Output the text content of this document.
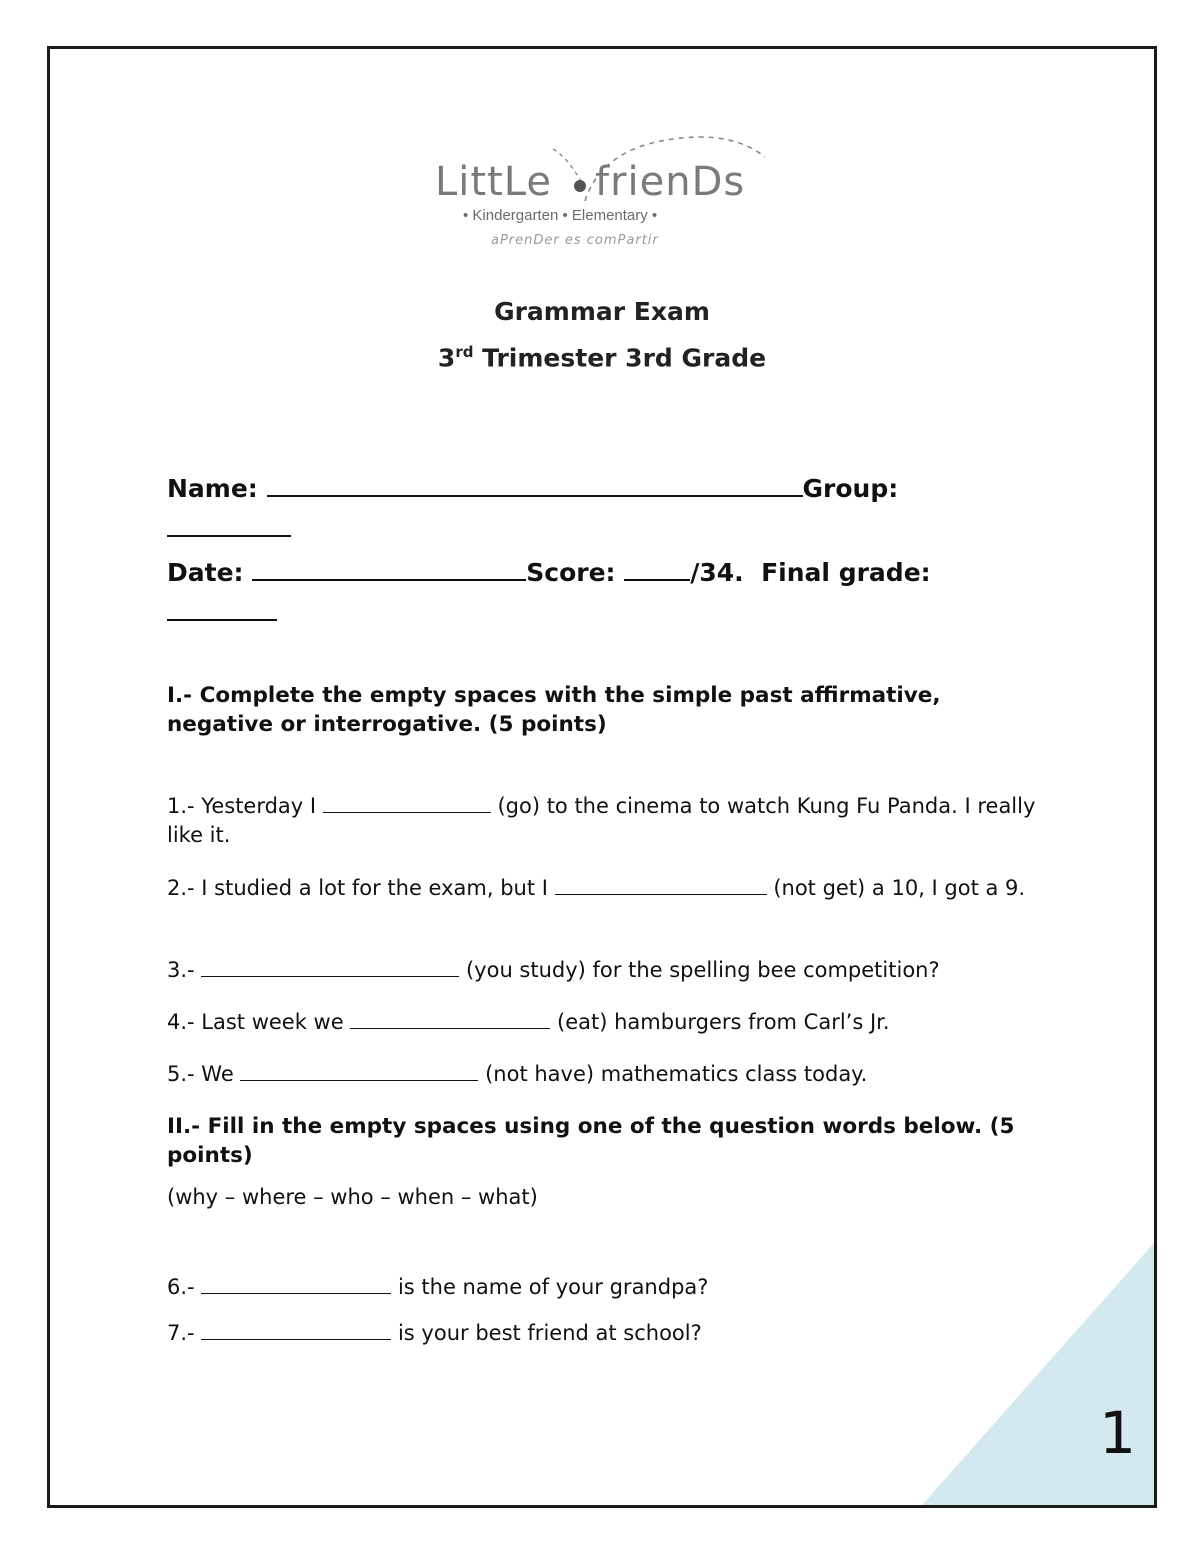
LittLe frienDs
• Kindergarten • Elementary •
aPrenDer es comPartir
Grammar Exam
3rd Trimester 3rd Grade
Name:	Group:
Date:	Score:	/34. Final grade:
I.- Complete the empty spaces with the simple past affirmative, negative or interrogative. (5 points)
1.- Yesterday I	(go) to the cinema to watch Kung Fu Panda. I really like it.
2.- I studied a lot for the exam, but I	(not get) a 10, I got a 9.
3.-	(you study) for the spelling bee competition?
4.- Last week we	(eat) hamburgers from Carl’s Jr.
5.- We	(not have) mathematics class today.
II.- Fill in the empty spaces using one of the question words below. (5 points)
(why – where – who – when – what)
6.-	is the name of your grandpa?
7.-	is your best friend at school?
1
